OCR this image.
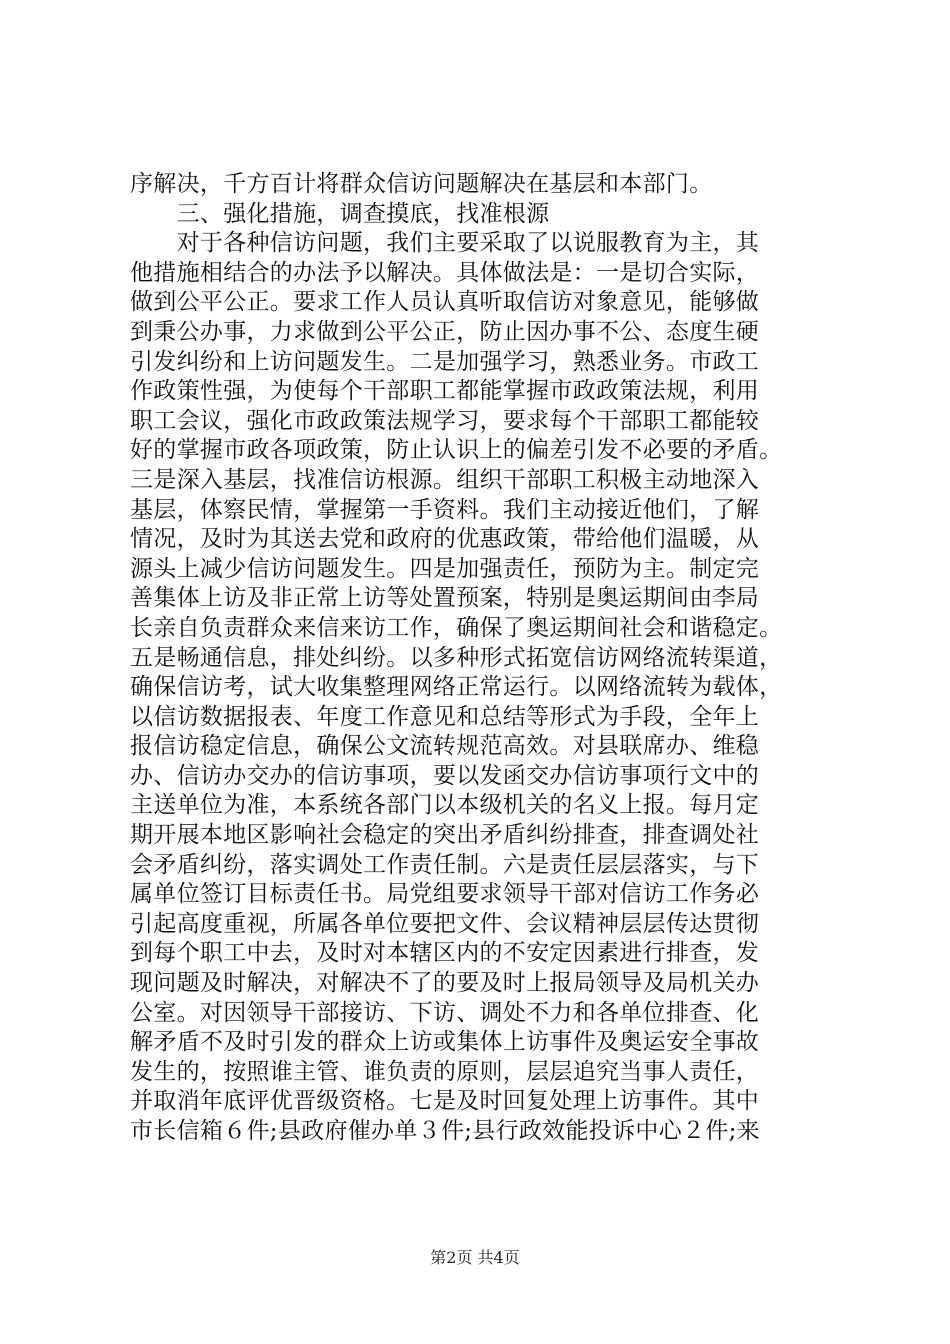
序解决，千方百计将群众信访问题解决在基层和本部门。
　　三、强化措施，调查摸底，找准根源
　　对于各种信访问题，我们主要采取了以说服教育为主，其
他措施相结合的办法予以解决。具体做法是：一是切合实际，
做到公平公正。要求工作人员认真听取信访对象意见，能够做
到秉公办事，力求做到公平公正，防止因办事不公、态度生硬
引发纠纷和上访问题发生。二是加强学习，熟悉业务。市政工
作政策性强，为使每个干部职工都能掌握市政政策法规，利用
职工会议，强化市政政策法规学习，要求每个干部职工都能较
好的掌握市政各项政策，防止认识上的偏差引发不必要的矛盾。
三是深入基层，找准信访根源。组织干部职工积极主动地深入
基层，体察民情，掌握第一手资料。我们主动接近他们，了解
情况，及时为其送去党和政府的优惠政策，带给他们温暖，从
源头上减少信访问题发生。四是加强责任，预防为主。制定完
善集体上访及非正常上访等处置预案，特别是奥运期间由李局
长亲自负责群众来信来访工作，确保了奥运期间社会和谐稳定。
五是畅通信息，排处纠纷。以多种形式拓宽信访网络流转渠道，
确保信访考，试大收集整理网络正常运行。以网络流转为载体，
以信访数据报表、年度工作意见和总结等形式为手段，全年上
报信访稳定信息，确保公文流转规范高效。对县联席办、维稳
办、信访办交办的信访事项，要以发函交办信访事项行文中的
主送单位为准，本系统各部门以本级机关的名义上报。每月定
期开展本地区影响社会稳定的突出矛盾纠纷排查，排查调处社
会矛盾纠纷，落实调处工作责任制。六是责任层层落实，与下
属单位签订目标责任书。局党组要求领导干部对信访工作务必
引起高度重视，所属各单位要把文件、会议精神层层传达贯彻
到每个职工中去，及时对本辖区内的不安定因素进行排查，发
现问题及时解决，对解决不了的要及时上报局领导及局机关办
公室。对因领导干部接访、下访、调处不力和各单位排查、化
解矛盾不及时引发的群众上访或集体上访事件及奥运安全事故
发生的，按照谁主管、谁负责的原则，层层追究当事人责任，
并取消年底评优晋级资格。七是及时回复处理上访事件。其中
市长信箱６件;县政府催办单３件;县行政效能投诉中心２件;来
第2页 共4页
